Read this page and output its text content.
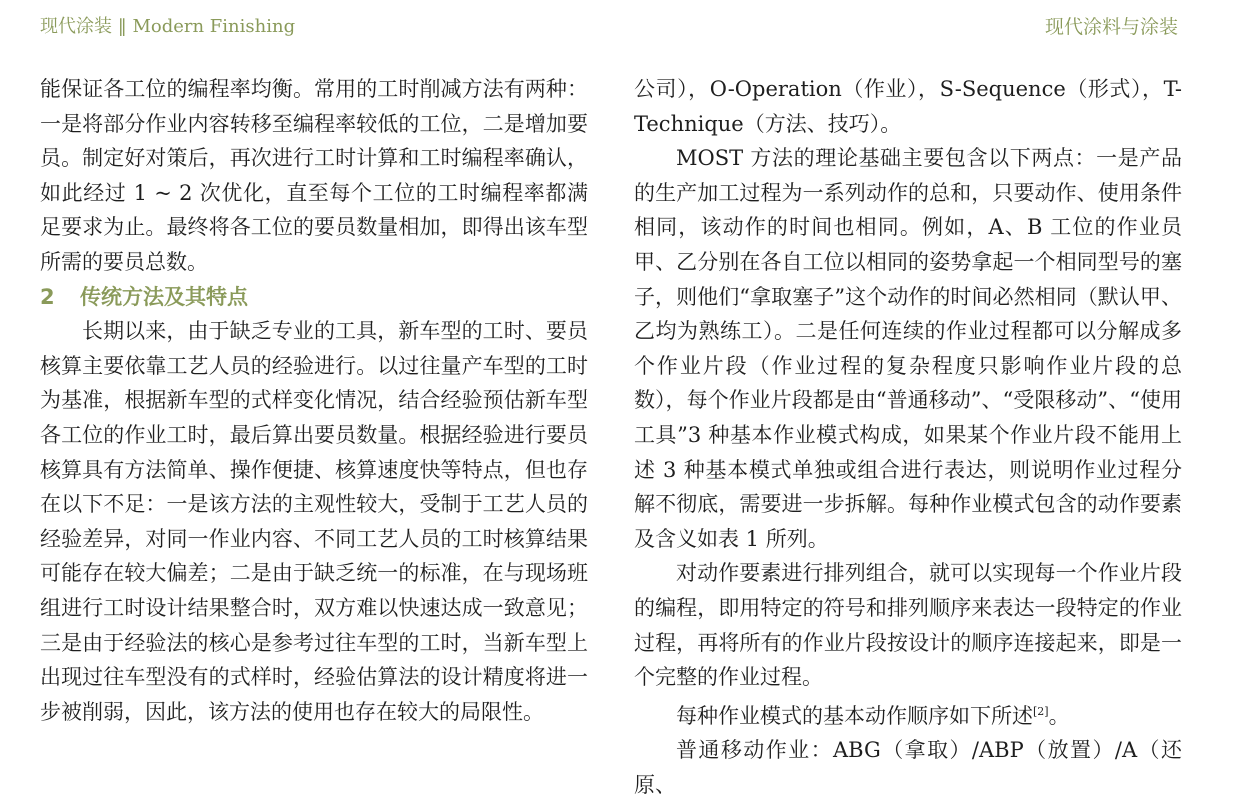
现代涂装 ‖ Modern Finishing	现代涂料与涂装

能保证各工位的编程率均衡。常用的工时削减方法有两种：一是将部分作业内容转移至编程率较低的工位，二是增加要员。制定好对策后，再次进行工时计算和工时编程率确认，如此经过 1 ~ 2 次优化，直至每个工位的工时编程率都满足要求为止。最终将各工位的要员数量相加，即得出该车型所需的要员总数。

2 传统方法及其特点

长期以来，由于缺乏专业的工具，新车型的工时、要员核算主要依靠工艺人员的经验进行。以过往量产车型的工时为基准，根据新车型的式样变化情况，结合经验预估新车型各工位的作业工时，最后算出要员数量。根据经验进行要员核算具有方法简单、操作便捷、核算速度快等特点，但也存在以下不足：一是该方法的主观性较大，受制于工艺人员的经验差异，对同一作业内容、不同工艺人员的工时核算结果可能存在较大偏差；二是由于缺乏统一的标准，在与现场班组进行工时设计结果整合时，双方难以快速达成一致意见；三是由于经验法的核心是参考过往车型的工时，当新车型上出现过往车型没有的式样时，经验估算法的设计精度将进一步被削弱，因此，该方法的使用也存在较大的局限性。

公司），O-Operation（作业），S-Sequence（形式），T-Technique（方法、技巧）。

MOST 方法的理论基础主要包含以下两点：一是产品的生产加工过程为一系列动作的总和，只要动作、使用条件相同，该动作的时间也相同。例如，A、B 工位的作业员甲、乙分别在各自工位以相同的姿势拿起一个相同型号的塞子，则他们“拿取塞子”这个动作的时间必然相同（默认甲、乙均为熟练工）。二是任何连续的作业过程都可以分解成多个作业片段（作业过程的复杂程度只影响作业片段的总数），每个作业片段都是由“普通移动”、“受限移动”、“使用工具”3 种基本作业模式构成，如果某个作业片段不能用上述 3 种基本模式单独或组合进行表达，则说明作业过程分解不彻底，需要进一步拆解。每种作业模式包含的动作要素及含义如表 1 所列。

对动作要素进行排列组合，就可以实现每一个作业片段的编程，即用特定的符号和排列顺序来表达一段特定的作业过程，再将所有的作业片段按设计的顺序连接起来，即是一个完整的作业过程。

每种作业模式的基本动作顺序如下所述[2]。

普通移动作业：ABG（拿取）/ABP（放置）/A（还原、
